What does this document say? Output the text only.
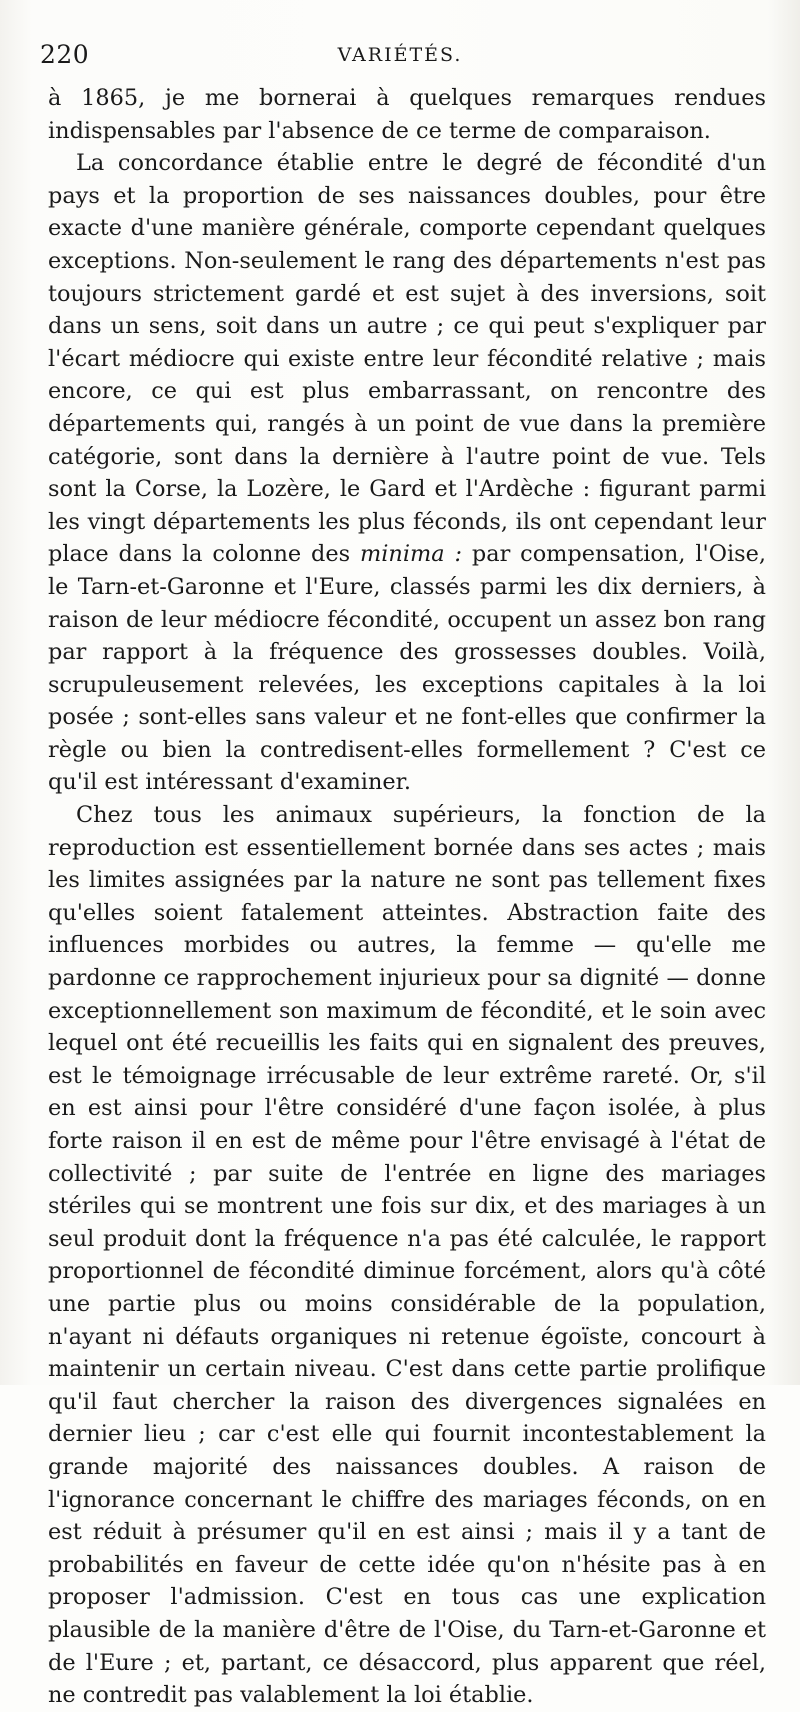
220	VARIÉTÉS.

à 1865, je me bornerai à quelques remarques rendues indispensables par l'absence de ce terme de comparaison.

La concordance établie entre le degré de fécondité d'un pays et la proportion de ses naissances doubles, pour être exacte d'une manière générale, comporte cependant quelques exceptions. Non-seulement le rang des départements n'est pas toujours strictement gardé et est sujet à des inversions, soit dans un sens, soit dans un autre ; ce qui peut s'expliquer par l'écart médiocre qui existe entre leur fécondité relative ; mais encore, ce qui est plus embarrassant, on rencontre des départements qui, rangés à un point de vue dans la première catégorie, sont dans la dernière à l'autre point de vue. Tels sont la Corse, la Lozère, le Gard et l'Ardèche : figurant parmi les vingt départements les plus féconds, ils ont cependant leur place dans la colonne des minima : par compensation, l'Oise, le Tarn-et-Garonne et l'Eure, classés parmi les dix derniers, à raison de leur médiocre fécondité, occupent un assez bon rang par rapport à la fréquence des grossesses doubles. Voilà, scrupuleusement relevées, les exceptions capitales à la loi posée ; sont-elles sans valeur et ne font-elles que confirmer la règle ou bien la contredisent-elles formellement ? C'est ce qu'il est intéressant d'examiner.

Chez tous les animaux supérieurs, la fonction de la reproduction est essentiellement bornée dans ses actes ; mais les limites assignées par la nature ne sont pas tellement fixes qu'elles soient fatalement atteintes. Abstraction faite des influences morbides ou autres, la femme — qu'elle me pardonne ce rapprochement injurieux pour sa dignité — donne exceptionnellement son maximum de fécondité, et le soin avec lequel ont été recueillis les faits qui en signalent des preuves, est le témoignage irrécusable de leur extrême rareté. Or, s'il en est ainsi pour l'être considéré d'une façon isolée, à plus forte raison il en est de même pour l'être envisagé à l'état de collectivité ; par suite de l'entrée en ligne des mariages stériles qui se montrent une fois sur dix, et des mariages à un seul produit dont la fréquence n'a pas été calculée, le rapport proportionnel de fécondité diminue forcément, alors qu'à côté une partie plus ou moins considérable de la population, n'ayant ni défauts organiques ni retenue égoïste, concourt à maintenir un certain niveau. C'est dans cette partie prolifique qu'il faut chercher la raison des divergences signalées en dernier lieu ; car c'est elle qui fournit incontestablement la grande majorité des naissances doubles. A raison de l'ignorance concernant le chiffre des mariages féconds, on en est réduit à présumer qu'il en est ainsi ; mais il y a tant de probabilités en faveur de cette idée qu'on n'hésite pas à en proposer l'admission. C'est en tous cas une explication plausible de la manière d'être de l'Oise, du Tarn-et-Garonne et de l'Eure ; et, partant, ce désaccord, plus apparent que réel, ne contredit pas valablement la loi établie.
